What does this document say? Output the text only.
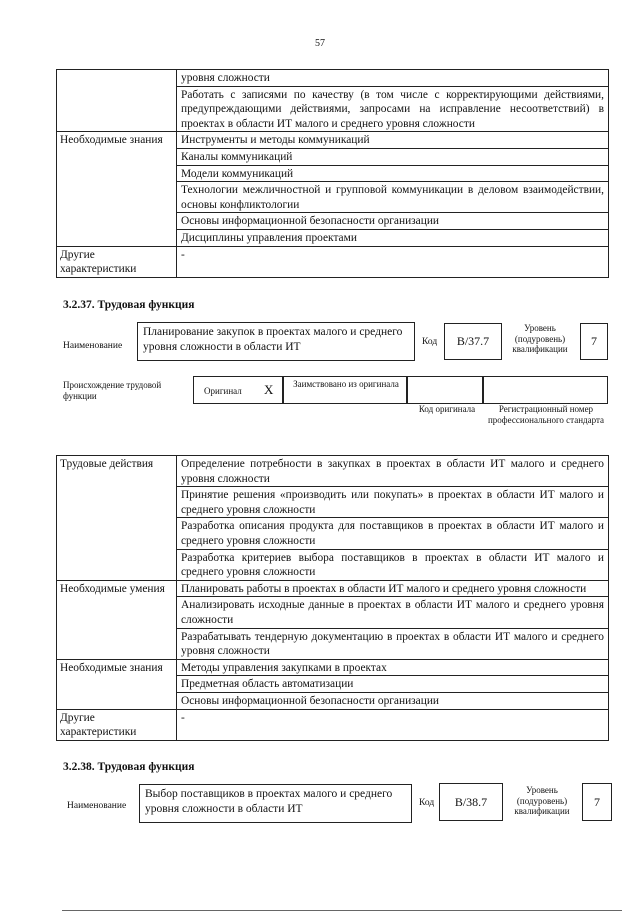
57
	уровня сложности
	Работать с записями по качеству (в том числе с корректирующими действиями, предупреждающими действиями, запросами на исправление несоответствий) в проектах в области ИТ малого и среднего уровня сложности
Необходимые знания	Инструменты и методы коммуникаций
	Каналы коммуникаций
	Модели коммуникаций
	Технологии межличностной и групповой коммуникации в деловом взаимодействии, основы конфликтологии
	Основы информационной безопасности организации
	Дисциплины управления проектами
Другие характеристики	-
3.2.37. Трудовая функция
Наименование
Планирование закупок в проектах малого и среднего уровня сложности в области ИТ	Код B/37.7
Уровень (подуровень) квалификации
7
Происхождение трудовой функции	Оригинал X	Заимствовано из оригинала
Код оригинала	Регистрационный номер профессионального стандарта
Трудовые действия	Определение потребности в закупках в проектах в области ИТ малого и среднего уровня сложности
	Принятие решения «производить или покупать» в проектах в области ИТ малого и среднего уровня сложности
	Разработка описания продукта для поставщиков в проектах в области ИТ малого и среднего уровня сложности
	Разработка критериев выбора поставщиков в проектах в области ИТ малого и среднего уровня сложности
Необходимые умения	Планировать работы в проектах в области ИТ малого и среднего уровня сложности
	Анализировать исходные данные в проектах в области ИТ малого и среднего уровня сложности
	Разрабатывать тендерную документацию в проектах в области ИТ малого и среднего уровня сложности
Необходимые знания	Методы управления закупками в проектах
	Предметная область автоматизации
	Основы информационной безопасности организации
Другие характеристики	-
3.2.38. Трудовая функция
Наименование
Выбор поставщиков в проектах малого и среднего уровня сложности в области ИТ	Код B/38.7
Уровень (подуровень) квалификации
7
